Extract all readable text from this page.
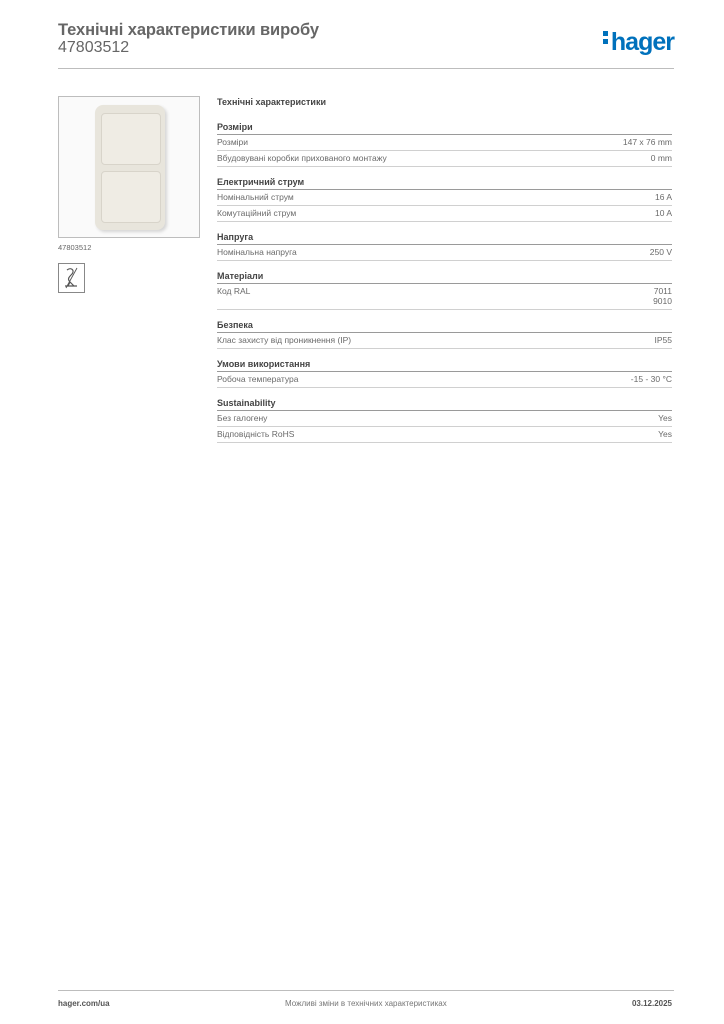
Технічні характеристики виробу
47803512	hager
47803512
Технічні характеристики
Розміри
Розміри	147 x 76 mm
Вбудовувані коробки прихованого монтажу	0 mm
Електричний струм
Номінальний струм	16 A
Комутаційний струм	10 A
Напруга
Номінальна напруга	250 V
Матеріали
Код RAL	7011
9010
Безпека
Клас захисту від проникнення (IP)	IP55
Умови використання
Робоча температура	-15 - 30 °C
Sustainability
Без галогену	Yes
Відповідність RoHS	Yes
hager.com/ua	Можливі зміни в технічних характеристиках	03.12.2025
